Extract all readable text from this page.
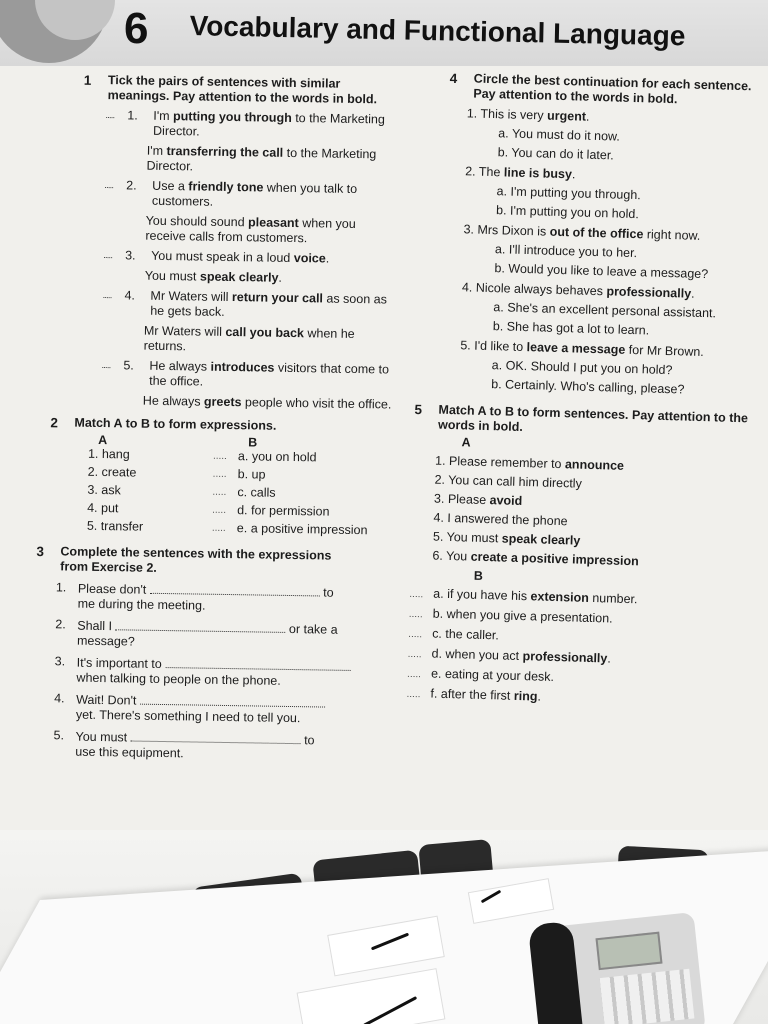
6 Vocabulary and Functional Language
1 Tick the pairs of sentences with similar meanings. Pay attention to the words in bold.
..... 1. I'm putting you through to the Marketing Director.
I'm transferring the call to the Marketing Director.
..... 2. Use a friendly tone when you talk to customers.
You should sound pleasant when you receive calls from customers.
..... 3. You must speak in a loud voice.
You must speak clearly.
..... 4. Mr Waters will return your call as soon as he gets back.
Mr Waters will call you back when he returns.
..... 5. He always introduces visitors that come to the office.
He always greets people who visit the office.
2 Match A to B to form expressions.
A	B
1. hang	..... a. you on hold
2. create	..... b. up
3. ask	..... c. calls
4. put	..... d. for permission
5. transfer	..... e. a positive impression
3 Complete the sentences with the expressions from Exercise 2.
1. Please don't	to
me during the meeting.
2. Shall I	or take a
message?
3. It's important to
when talking to people on the phone.
4. Wait! Don't
yet. There's something I need to tell you.
5. You must	to
use this equipment.
4 Circle the best continuation for each sentence. Pay attention to the words in bold.
1. This is very urgent.
a. You must do it now.
b. You can do it later.
2. The line is busy.
a. I'm putting you through.
b. I'm putting you on hold.
3. Mrs Dixon is out of the office right now.
a. I'll introduce you to her.
b. Would you like to leave a message?
4. Nicole always behaves professionally.
a. She's an excellent personal assistant.
b. She has got a lot to learn.
5. I'd like to leave a message for Mr Brown.
a. OK. Should I put you on hold?
b. Certainly. Who's calling, please?
5 Match A to B to form sentences. Pay attention to the words in bold.
A
1. Please remember to announce
2. You can call him directly
3. Please avoid
4. I answered the phone
5. You must speak clearly
6. You create a positive impression
B
..... a. if you have his extension number.
..... b. when you give a presentation.
..... c. the caller.
..... d. when you act professionally.
..... e. eating at your desk.
..... f. after the first ring.
